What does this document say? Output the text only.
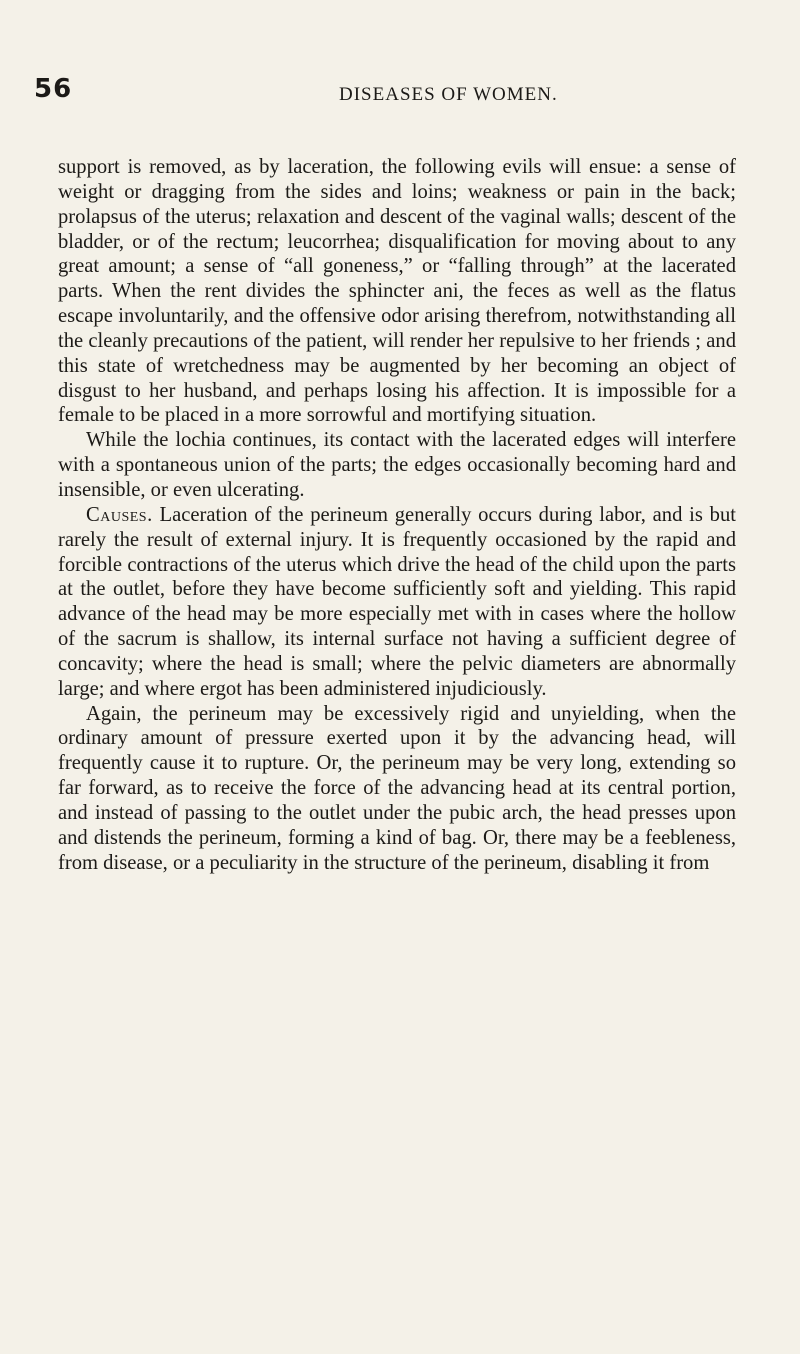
56	DISEASES OF WOMEN.

support is removed, as by laceration, the following evils will ensue: a sense of weight or dragging from the sides and loins; weakness or pain in the back; prolapsus of the uterus; relaxation and descent of the vaginal walls; descent of the bladder, or of the rectum; leucorrhea; disqualification for moving about to any great amount; a sense of “all goneness,” or “falling through” at the lacerated parts. When the rent divides the sphincter ani, the feces as well as the flatus escape involuntarily, and the offensive odor arising therefrom, notwithstanding all the cleanly precautions of the patient, will render her repulsive to her friends ; and this state of wretchedness may be augmented by her becoming an object of disgust to her husband, and perhaps losing his affection. It is impossible for a female to be placed in a more sorrowful and mortifying situation.

While the lochia continues, its contact with the lacerated edges will interfere with a spontaneous union of the parts; the edges occasionally becoming hard and insensible, or even ulcerating.

Causes. Laceration of the perineum generally occurs during labor, and is but rarely the result of external injury. It is frequently occasioned by the rapid and forcible contractions of the uterus which drive the head of the child upon the parts at the outlet, before they have become sufficiently soft and yielding. This rapid advance of the head may be more especially met with in cases where the hollow of the sacrum is shallow, its internal surface not having a sufficient degree of concavity; where the head is small; where the pelvic diameters are abnormally large; and where ergot has been administered injudiciously.

Again, the perineum may be excessively rigid and unyielding, when the ordinary amount of pressure exerted upon it by the advancing head, will frequently cause it to rupture. Or, the perineum may be very long, extending so far forward, as to receive the force of the advancing head at its central portion, and instead of passing to the outlet under the pubic arch, the head presses upon and distends the perineum, forming a kind of bag. Or, there may be a feebleness, from disease, or a peculiarity in the structure of the perineum, disabling it from
